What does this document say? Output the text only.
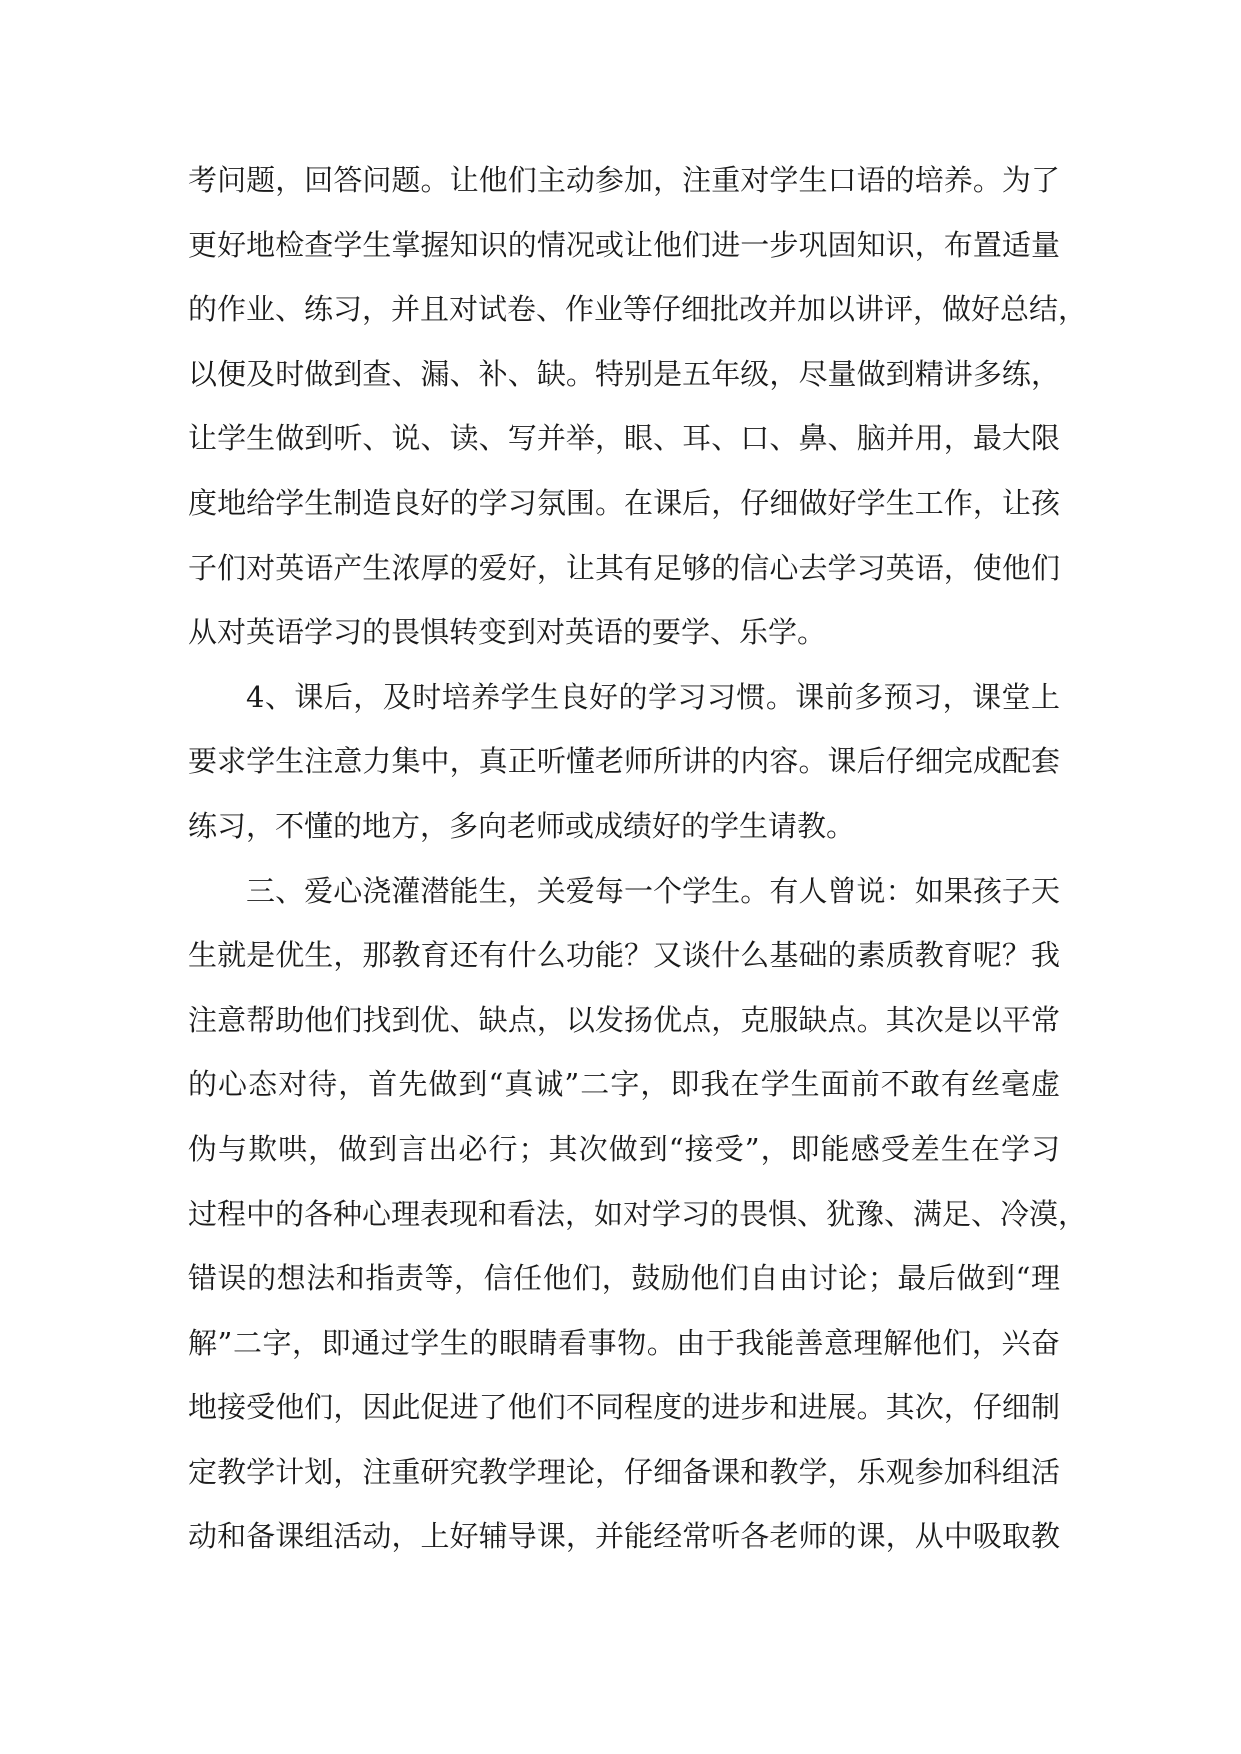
考问题，回答问题。让他们主动参加，注重对学生口语的培养。为了
更好地检查学生掌握知识的情况或让他们进一步巩固知识，布置适量
的作业、练习，并且对试卷、作业等仔细批改并加以讲评，做好总结，
以便及时做到查、漏、补、缺。特别是五年级，尽量做到精讲多练，
让学生做到听、说、读、写并举，眼、耳、口、鼻、脑并用，最大限
度地给学生制造良好的学习氛围。在课后，仔细做好学生工作，让孩
子们对英语产生浓厚的爱好，让其有足够的信心去学习英语，使他们
从对英语学习的畏惧转变到对英语的要学、乐学。
4、课后，及时培养学生良好的学习习惯。课前多预习，课堂上
要求学生注意力集中，真正听懂老师所讲的内容。课后仔细完成配套
练习，不懂的地方，多向老师或成绩好的学生请教。
三、爱心浇灌潜能生，关爱每一个学生。有人曾说：如果孩子天
生就是优生，那教育还有什么功能？又谈什么基础的素质教育呢？我
注意帮助他们找到优、缺点，以发扬优点，克服缺点。其次是以平常
的心态对待，首先做到“真诚”二字，即我在学生面前不敢有丝毫虚
伪与欺哄，做到言出必行；其次做到“接受”，即能感受差生在学习
过程中的各种心理表现和看法，如对学习的畏惧、犹豫、满足、冷漠，
错误的想法和指责等，信任他们，鼓励他们自由讨论；最后做到“理
解”二字，即通过学生的眼睛看事物。由于我能善意理解他们，兴奋
地接受他们，因此促进了他们不同程度的进步和进展。其次，仔细制
定教学计划，注重研究教学理论，仔细备课和教学，乐观参加科组活
动和备课组活动，上好辅导课，并能经常听各老师的课，从中吸取教
